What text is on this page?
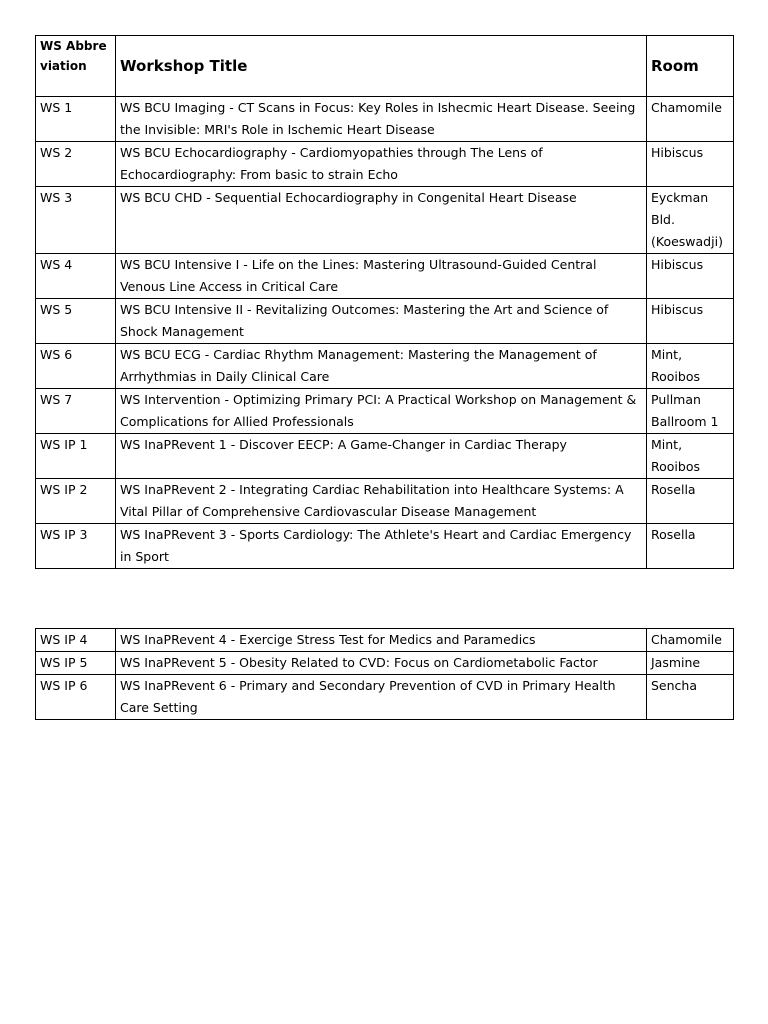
WS Abbreviation	Workshop Title	Room
WS 1	WS BCU Imaging - CT Scans in Focus: Key Roles in Ishecmic Heart Disease. Seeing the Invisible: MRI's Role in Ischemic Heart Disease	Chamomile
WS 2	WS BCU Echocardiography - Cardiomyopathies through The Lens of Echocardiography: From basic to strain Echo	Hibiscus
WS 3	WS BCU CHD - Sequential Echocardiography in Congenital Heart Disease	Eyckman Bld. (Koeswadji)
WS 4	WS BCU Intensive I - Life on the Lines: Mastering Ultrasound-Guided Central Venous Line Access in Critical Care	Hibiscus
WS 5	WS BCU Intensive II - Revitalizing Outcomes: Mastering the Art and Science of Shock Management	Hibiscus
WS 6	WS BCU ECG - Cardiac Rhythm Management: Mastering the Management of Arrhythmias in Daily Clinical Care	Mint, Rooibos
WS 7	WS Intervention - Optimizing Primary PCI: A Practical Workshop on Management & Complications for Allied Professionals	Pullman Ballroom 1
WS IP 1	WS InaPRevent 1 - Discover EECP: A Game-Changer in Cardiac Therapy	Mint, Rooibos
WS IP 2	WS InaPRevent 2 - Integrating Cardiac Rehabilitation into Healthcare Systems: A Vital Pillar of Comprehensive Cardiovascular Disease Management	Rosella
WS IP 3	WS InaPRevent 3 - Sports Cardiology: The Athlete's Heart and Cardiac Emergency in Sport	Rosella
WS IP 4	WS InaPRevent 4 - Exercige Stress Test for Medics and Paramedics	Chamomile
WS IP 5	WS InaPRevent 5 - Obesity Related to CVD: Focus on Cardiometabolic Factor	Jasmine
WS IP 6	WS InaPRevent 6 - Primary and Secondary Prevention of CVD in Primary Health Care Setting	Sencha
